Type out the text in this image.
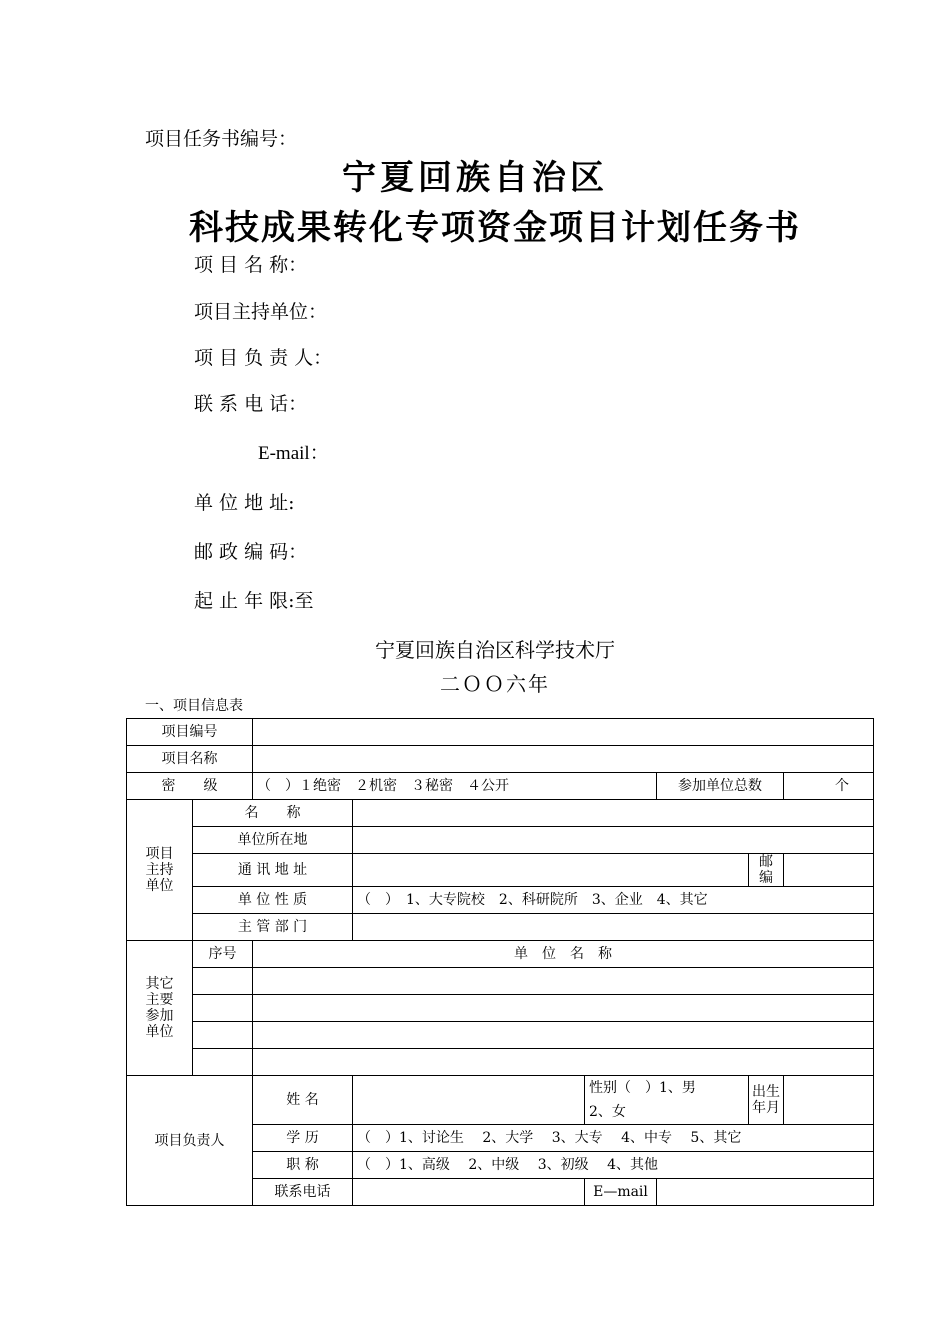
项目任务书编号：
宁夏回族自治区
科技成果转化专项资金项目计划任务书
项 目 名 称：
项目主持单位：
项 目 负 责 人：
联 系 电 话：
E-mail：
单 位 地 址:
邮 政 编 码：
起 止 年 限:至
宁夏回族自治区科学技术厅
二ＯＯ六年
一、项目信息表
项目编号							
项目名称							
密　　级		（　）１绝密　２机密　３秘密　４公开			参加单位总数		个
项目主持单位	名　　称						
	单位所在地						
	通 讯 地 址					邮编	
	单 位 性 质		（　）　1、大专院校　2、科研院所　3、企业　4、其它				
	主 管 部 门						
其它主要参加单位	序号	单　位　名　称					

项目负责人		姓 名		性别（　）1、男　　2、女		出生年月	
		学 历	（　）1、讨论生　 2、大学　 3、大专　 4、中专　 5、其它				
		职 称	（　）1、高级　 2、中级　 3、初级　 4、其他				
		联系电话		E—mail			
